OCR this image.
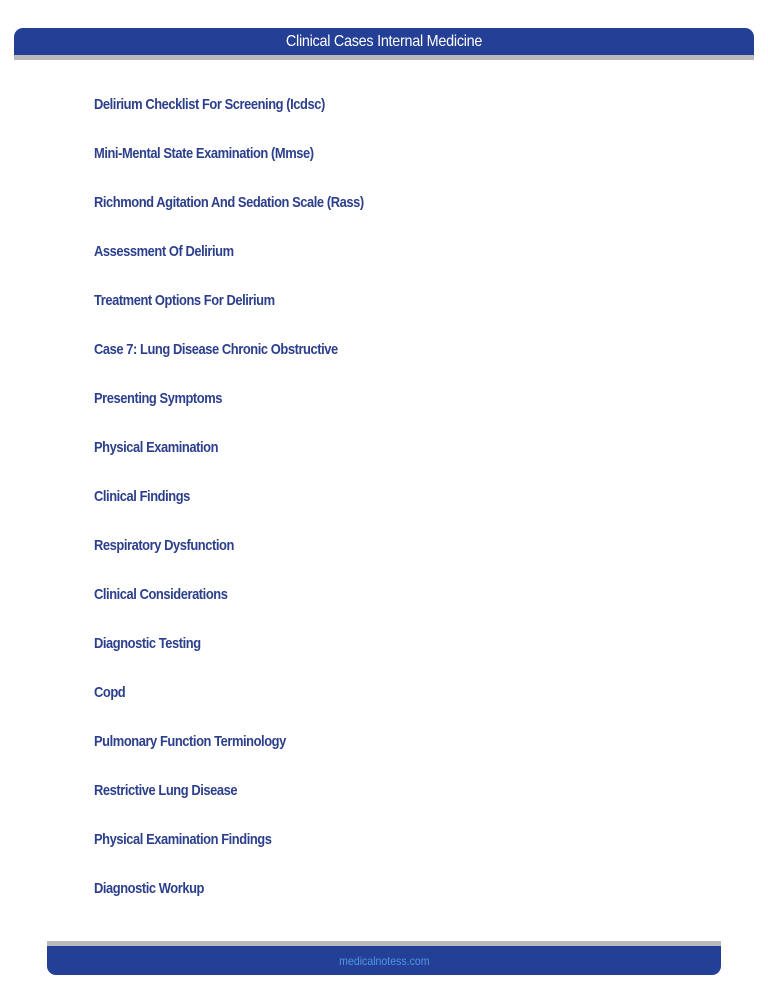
Clinical Cases Internal Medicine
Delirium Checklist For Screening (Icdsc)
Mini-Mental State Examination (Mmse)
Richmond Agitation And Sedation Scale (Rass)
Assessment Of Delirium
Treatment Options For Delirium
Case 7: Lung Disease Chronic Obstructive
Presenting Symptoms
Physical Examination
Clinical Findings
Respiratory Dysfunction
Clinical Considerations
Diagnostic Testing
Copd
Pulmonary Function Terminology
Restrictive Lung Disease
Physical Examination Findings
Diagnostic Workup
medicalnotess.com
